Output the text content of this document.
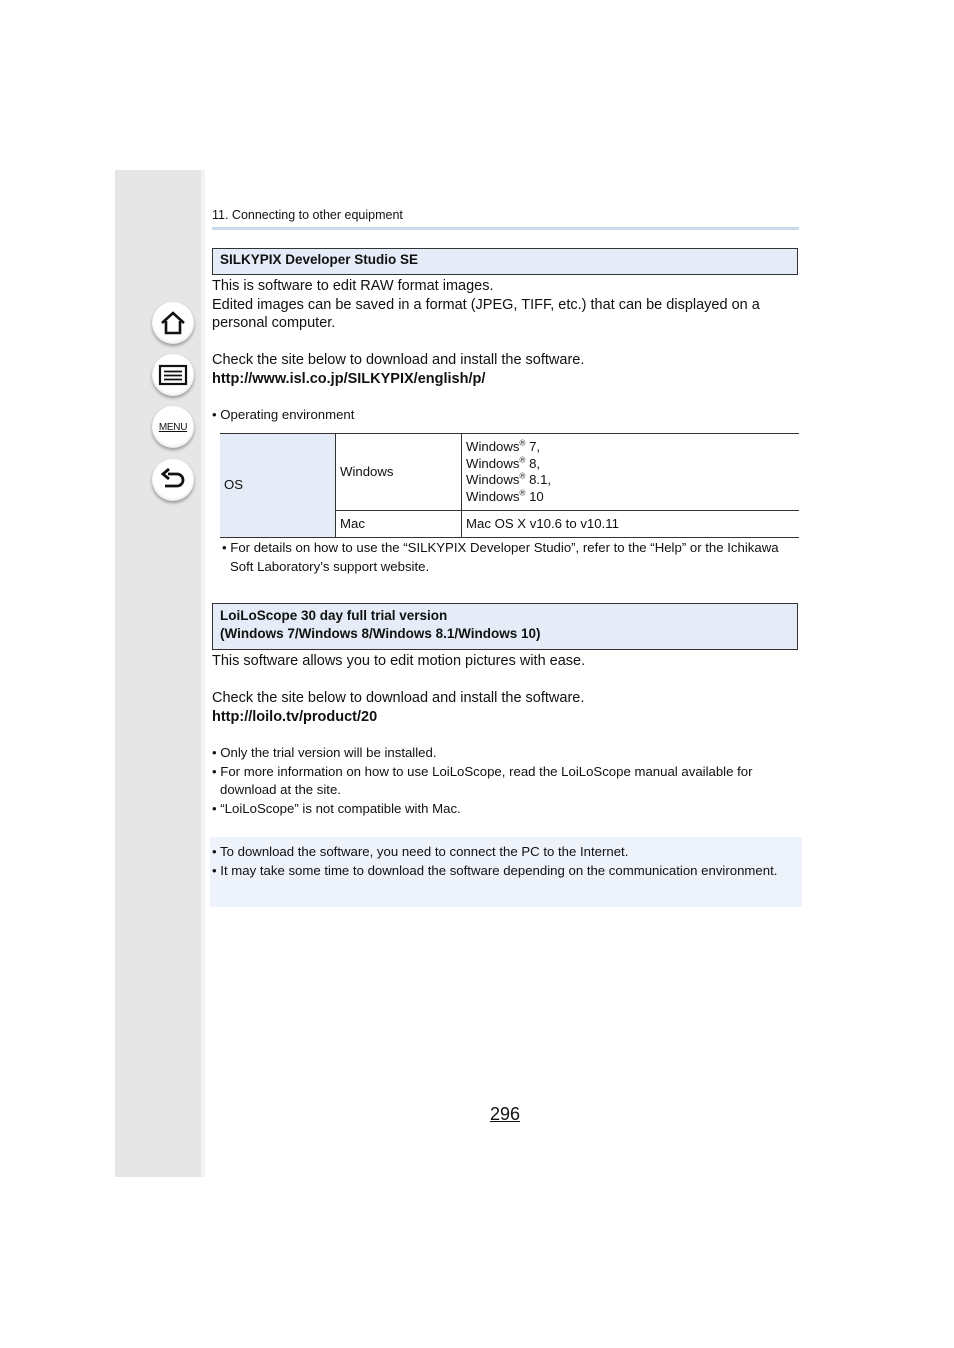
MENU
11. Connecting to other equipment
SILKYPIX Developer Studio SE
This is software to edit RAW format images.
Edited images can be saved in a format (JPEG, TIFF, etc.) that can be displayed on a personal computer.
Check the site below to download and install the software.
http://www.isl.co.jp/SILKYPIX/english/p/
• Operating environment
OS	Windows	Windows® 7,
Windows® 8,
Windows® 8.1,
Windows® 10

	Mac	Mac OS X v10.6 to v10.11
• For details on how to use the “SILKYPIX Developer Studio”, refer to the “Help” or the Ichikawa Soft Laboratory’s support website.
LoiLoScope 30 day full trial version
(Windows 7/Windows 8/Windows 8.1/Windows 10)
This software allows you to edit motion pictures with ease.
Check the site below to download and install the software.
http://loilo.tv/product/20
• Only the trial version will be installed.
• For more information on how to use LoiLoScope, read the LoiLoScope manual available for download at the site.
• “LoiLoScope” is not compatible with Mac.
• To download the software, you need to connect the PC to the Internet.
• It may take some time to download the software depending on the communication environment.
296
